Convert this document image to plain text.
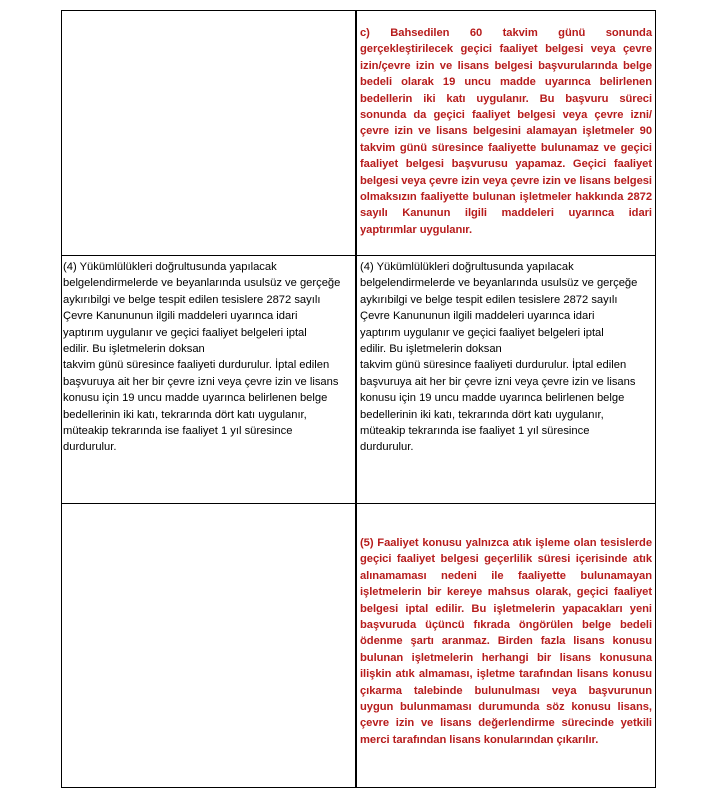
c) Bahsedilen 60 takvim günü sonunda gerçekleştirilecek geçici faaliyet belgesi veya çevre izin/çevre izin ve lisans belgesi başvurularında belge bedeli olarak 19 uncu madde uyarınca belirlenen bedellerin iki katı uygulanır. Bu başvuru süreci sonunda da geçici faaliyet belgesi veya çevre izni/çevre izin ve lisans belgesini alamayan işletmeler 90 takvim günü süresince faaliyette bulunamaz ve geçici faaliyet belgesi başvurusu yapamaz. Geçici faaliyet belgesi veya çevre izin veya çevre izin ve lisans belgesi olmaksızın faaliyette bulunan işletmeler hakkında 2872 sayılı Kanunun ilgili maddeleri uyarınca idari yaptırımlar uygulanır.

(4) Yükümlülükleri doğrultusunda yapılacak
belgelendirmelerde ve beyanlarında usulsüz ve gerçeğe
aykırıbilgi ve belge tespit edilen tesislere 2872 sayılı
Çevre Kanununun ilgili maddeleri uyarınca idari
yaptırım uygulanır ve geçici faaliyet belgeleri iptal
edilir. Bu işletmelerin doksan
takvim günü süresince faaliyeti durdurulur. İptal edilen
başvuruya ait her bir çevre izni veya çevre izin ve lisans
konusu için 19 uncu madde uyarınca belirlenen belge
bedellerinin iki katı, tekrarında dört katı uygulanır,
müteakip tekrarında ise faaliyet 1 yıl süresince
durdurulur.

(4) Yükümlülükleri doğrultusunda yapılacak
belgelendirmelerde ve beyanlarında usulsüz ve gerçeğe
aykırıbilgi ve belge tespit edilen tesislere 2872 sayılı
Çevre Kanununun ilgili maddeleri uyarınca idari
yaptırım uygulanır ve geçici faaliyet belgeleri iptal
edilir. Bu işletmelerin doksan
takvim günü süresince faaliyeti durdurulur. İptal edilen
başvuruya ait her bir çevre izni veya çevre izin ve lisans
konusu için 19 uncu madde uyarınca belirlenen belge
bedellerinin iki katı, tekrarında dört katı uygulanır,
müteakip tekrarında ise faaliyet 1 yıl süresince
durdurulur.

(5) Faaliyet konusu yalnızca atık işleme olan tesislerde geçici faaliyet belgesi geçerlilik süresi içerisinde atık alınamaması nedeni ile faaliyette bulunamayan işletmelerin bir kereye mahsus olarak, geçici faaliyet belgesi iptal edilir. Bu işletmelerin yapacakları yeni başvuruda üçüncü fıkrada öngörülen belge bedeli ödenme şartı aranmaz. Birden fazla lisans konusu bulunan işletmelerin herhangi bir lisans konusuna ilişkin atık almaması, işletme tarafından lisans konusu çıkarma talebinde bulunulması veya başvurunun uygun bulunmaması durumunda söz konusu lisans, çevre izin ve lisans değerlendirme sürecinde yetkili merci tarafından lisans konularından çıkarılır.
